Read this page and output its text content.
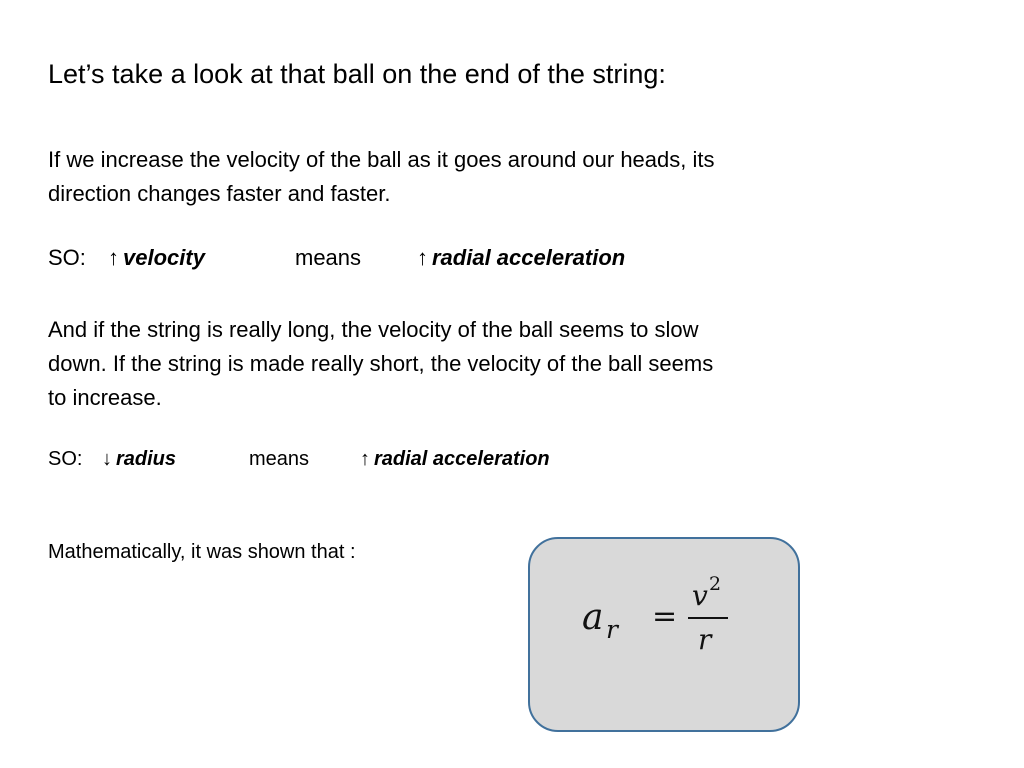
Let’s take a look at that ball on the end of the string:
If we increase the velocity of the ball as it goes around our heads, its
direction changes faster and faster.
SO: ↑ velocity	means	↑ radial acceleration
And if the string is really long, the velocity of the ball seems to slow
down. If the string is made really short, the velocity of the ball seems
to increase.
SO: ↓ radius	means	↑ radial acceleration
Mathematically, it was shown that :
a r =
v 2
r
